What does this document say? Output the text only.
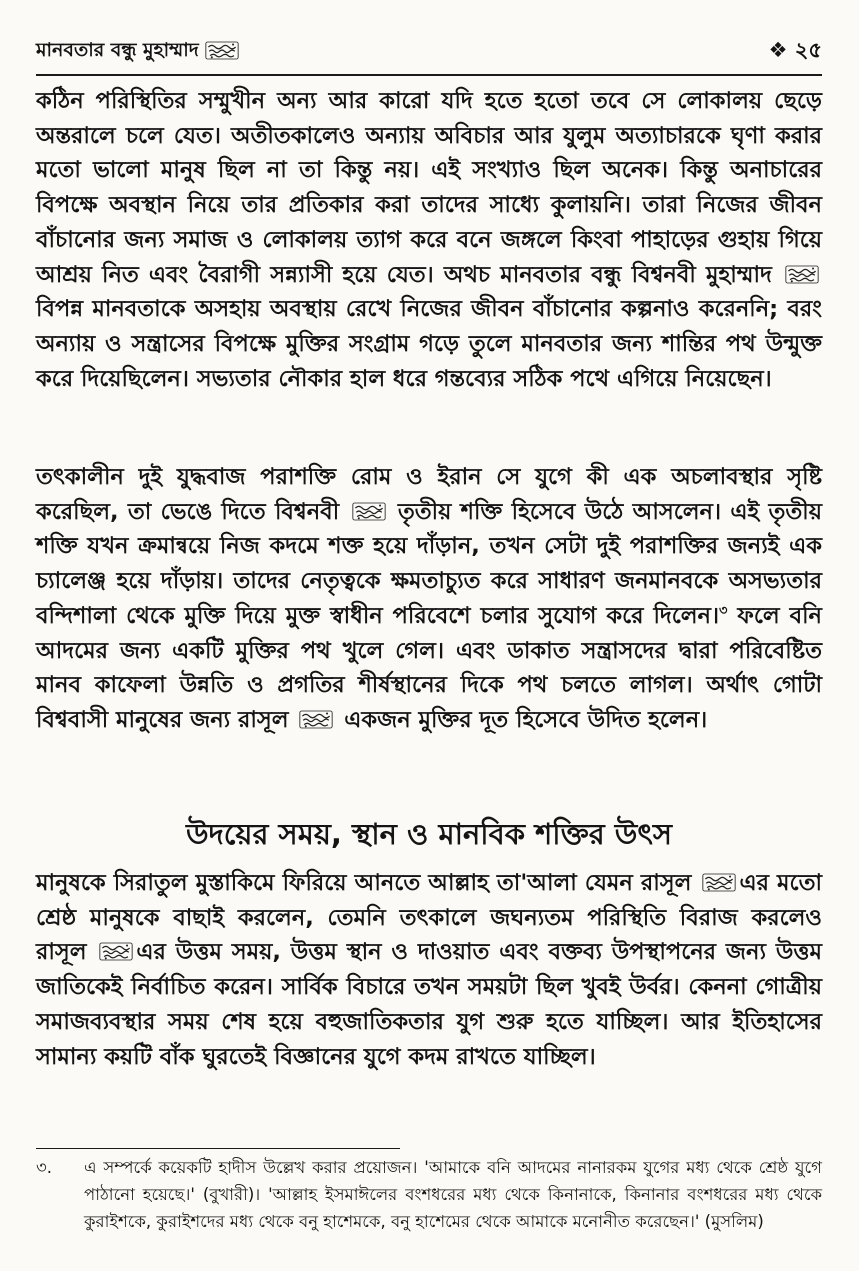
মানবতার বন্ধু মুহাম্মাদ	❖ ২৫

কঠিন পরিস্থিতির সম্মুখীন অন্য আর কারো যদি হতে হতো তবে সে লোকালয় ছেড়ে অন্তরালে চলে যেত। অতীতকালেও অন্যায় অবিচার আর যুলুম অত্যাচারকে ঘৃণা করার মতো ভালো মানুষ ছিল না তা কিন্তু নয়। এই সংখ্যাও ছিল অনেক। কিন্তু অনাচারের বিপক্ষে অবস্থান নিয়ে তার প্রতিকার করা তাদের সাধ্যে কুলায়নি। তারা নিজের জীবন বাঁচানোর জন্য সমাজ ও লোকালয় ত্যাগ করে বনে জঙ্গলে কিংবা পাহাড়ের গুহায় গিয়ে আশ্রয় নিত এবং বৈরাগী সন্ন্যাসী হয়ে যেত। অথচ মানবতার বন্ধু বিশ্বনবী মুহাম্মাদ  বিপন্ন মানবতাকে অসহায় অবস্থায় রেখে নিজের জীবন বাঁচানোর কল্পনাও করেননি; বরং অন্যায় ও সন্ত্রাসের বিপক্ষে মুক্তির সংগ্রাম গড়ে তুলে মানবতার জন্য শান্তির পথ উন্মুক্ত করে দিয়েছিলেন। সভ্যতার নৌকার হাল ধরে গন্তব্যের সঠিক পথে এগিয়ে নিয়েছেন।

তৎকালীন দুই যুদ্ধবাজ পরাশক্তি রোম ও ইরান সে যুগে কী এক অচলাবস্থার সৃষ্টি করেছিল, তা ভেঙে দিতে বিশ্বনবী	তৃতীয় শক্তি হিসেবে উঠে আসলেন। এই তৃতীয় শক্তি যখন ক্রমান্বয়ে নিজ কদমে শক্ত হয়ে দাঁড়ান, তখন সেটা দুই পরাশক্তির জন্যই এক চ্যালেঞ্জ হয়ে দাঁড়ায়। তাদের নেতৃত্বকে ক্ষমতাচ্যুত করে সাধারণ জনমানবকে অসভ্যতার বন্দিশালা থেকে মুক্তি দিয়ে মুক্ত স্বাধীন পরিবেশে চলার সুযোগ করে দিলেন।$^৩$ ফলে বনি আদমের জন্য একটি মুক্তির পথ খুলে গেল। এবং ডাকাত সন্ত্রাসদের দ্বারা পরিবেষ্টিত মানব কাফেলা উন্নতি ও প্রগতির শীর্ষস্থানের দিকে পথ চলতে লাগল। অর্থাৎ গোটা বিশ্ববাসী মানুষের জন্য রাসূল একজন মুক্তির দূত হিসেবে উদিত হলেন।

উদয়ের সময়, স্থান ও মানবিক শক্তির উৎস

মানুষকে সিরাতুল মুস্তাকিমে ফিরিয়ে আনতে আল্লাহ তা'আলা যেমন রাসূল এর মতো শ্রেষ্ঠ মানুষকে বাছাই করলেন, তেমনি তৎকালে জঘন্যতম পরিস্থিতি বিরাজ করলেও রাসূল এর উত্তম সময়, উত্তম স্থান ও দাওয়াত এবং বক্তব্য উপস্থাপনের জন্য উত্তম জাতিকেই নির্বাচিত করেন। সার্বিক বিচারে তখন সময়টা ছিল খুবই উর্বর। কেননা গোত্রীয় সমাজব্যবস্থার সময় শেষ হয়ে বহুজাতিকতার যুগ শুরু হতে যাচ্ছিল। আর ইতিহাসের সামান্য কয়টি বাঁক ঘুরতেই বিজ্ঞানের যুগে কদম রাখতে যাচ্ছিল।

৩.	এ সম্পর্কে কয়েকটি হাদীস উল্লেখ করার প্রয়োজন। 'আমাকে বনি আদমের নানারকম যুগের মধ্য থেকে শ্রেষ্ঠ যুগে পাঠানো হয়েছে।' (বুখারী)। 'আল্লাহ ইসমাঈলের বংশধরের মধ্য থেকে কিনানাকে, কিনানার বংশধরের মধ্য থেকে কুরাইশকে, কুরাইশদের মধ্য থেকে বনু হাশেমকে, বনু হাশেমের থেকে আমাকে মনোনীত করেছেন।' (মুসলিম)
